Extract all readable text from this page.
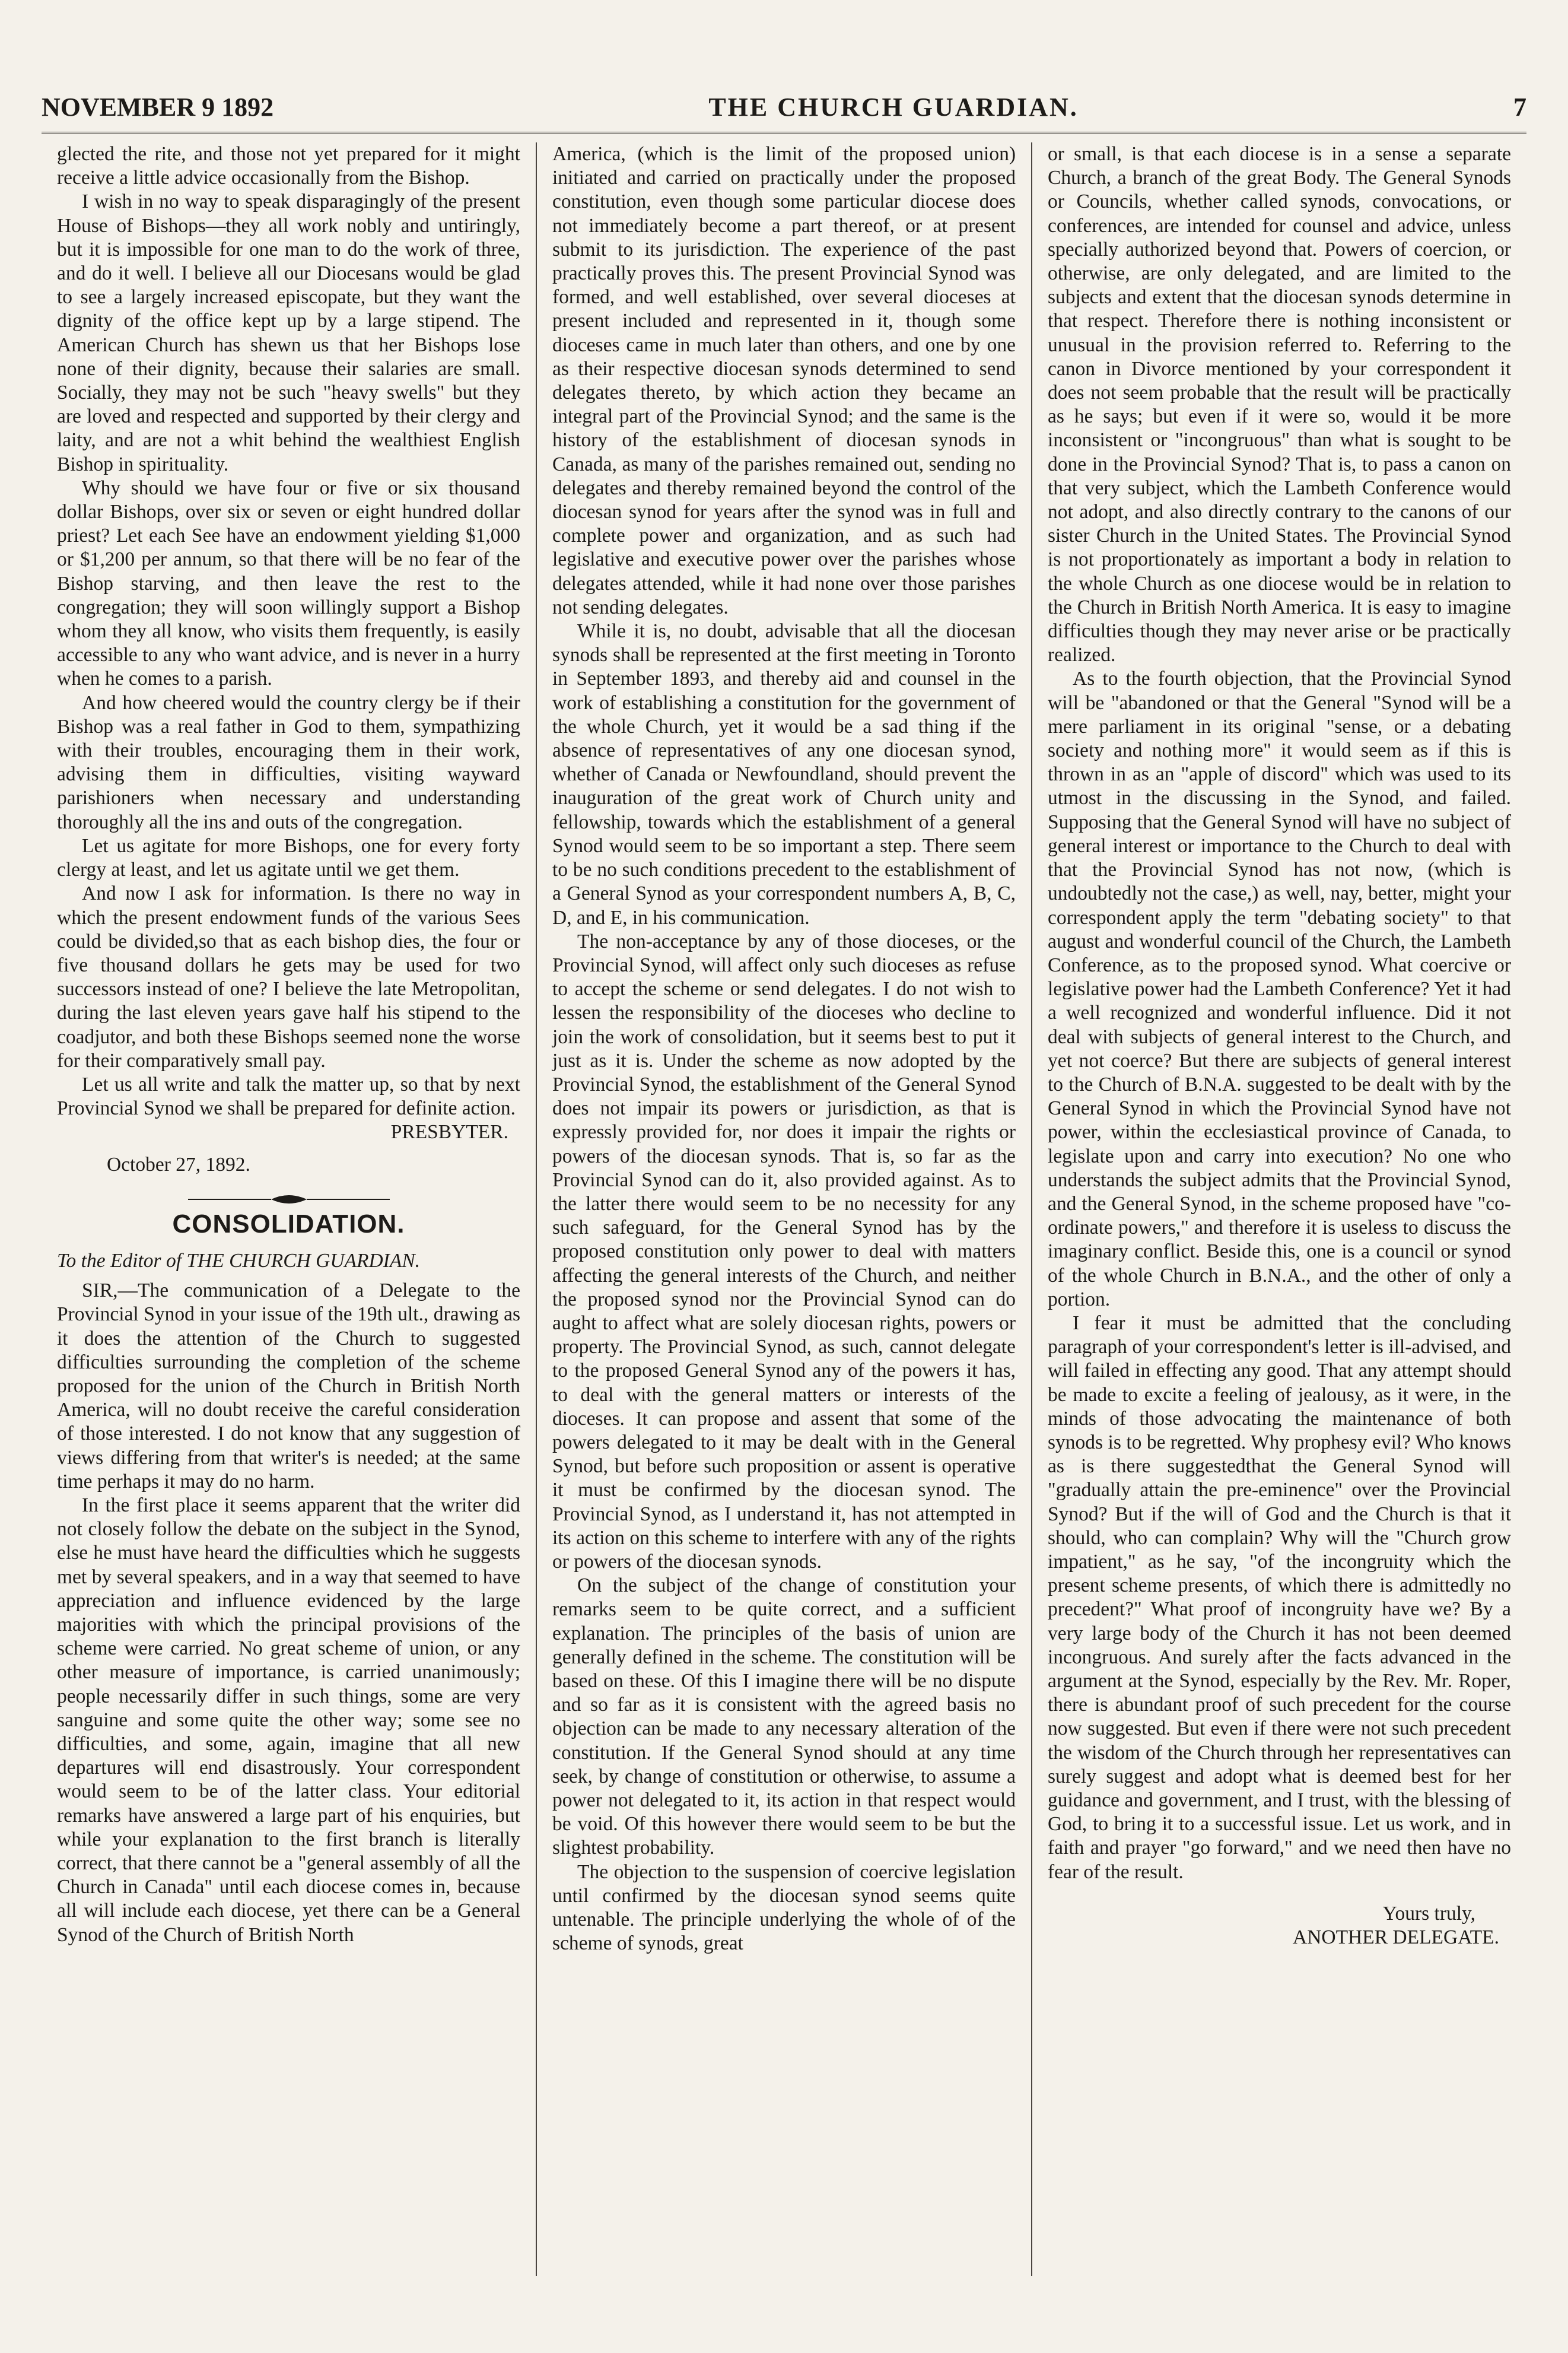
NOVEMBER 9 1892	THE CHURCH GUARDIAN.	7

glected the rite, and those not yet prepared for it might receive a little advice occasionally from the Bishop.

I wish in no way to speak disparagingly of the present House of Bishops—they all work nobly and untiringly, but it is impossible for one man to do the work of three, and do it well. I believe all our Diocesans would be glad to see a largely increased episcopate, but they want the dignity of the office kept up by a large stipend. The American Church has shewn us that her Bishops lose none of their dignity, because their salaries are small. Socially, they may not be such "heavy swells" but they are loved and respected and supported by their clergy and laity, and are not a whit behind the wealthiest English Bishop in spirituality.

Why should we have four or five or six thousand dollar Bishops, over six or seven or eight hundred dollar priest? Let each See have an endowment yielding $1,000 or $1,200 per annum, so that there will be no fear of the Bishop starving, and then leave the rest to the congregation; they will soon willingly support a Bishop whom they all know, who visits them frequently, is easily accessible to any who want advice, and is never in a hurry when he comes to a parish.

And how cheered would the country clergy be if their Bishop was a real father in God to them, sympathizing with their troubles, encouraging them in their work, advising them in difficulties, visiting wayward parishioners when necessary and understanding thoroughly all the ins and outs of the congregation.

Let us agitate for more Bishops, one for every forty clergy at least, and let us agitate until we get them.

And now I ask for information. Is there no way in which the present endowment funds of the various Sees could be divided,so that as each bishop dies, the four or five thousand dollars he gets may be used for two successors instead of one? I believe the late Metropolitan, during the last eleven years gave half his stipend to the coadjutor, and both these Bishops seemed none the worse for their comparatively small pay.

Let us all write and talk the matter up, so that by next Provincial Synod we shall be prepared for definite action.

PRESBYTER.

October 27, 1892.

CONSOLIDATION.

To the Editor of THE CHURCH GUARDIAN.

SIR,—The communication of a Delegate to the Provincial Synod in your issue of the 19th ult., drawing as it does the attention of the Church to suggested difficulties surrounding the completion of the scheme proposed for the union of the Church in British North America, will no doubt receive the careful consideration of those interested. I do not know that any suggestion of views differing from that writer's is needed; at the same time perhaps it may do no harm.

In the first place it seems apparent that the writer did not closely follow the debate on the subject in the Synod, else he must have heard the difficulties which he suggests met by several speakers, and in a way that seemed to have appreciation and influence evidenced by the large majorities with which the principal provisions of the scheme were carried. No great scheme of union, or any other measure of importance, is carried unanimously; people necessarily differ in such things, some are very sanguine and some quite the other way; some see no difficulties, and some, again, imagine that all new departures will end disastrously. Your correspondent would seem to be of the latter class. Your editorial remarks have answered a large part of his enquiries, but while your explanation to the first branch is literally correct, that there cannot be a "general assembly of all the Church in Canada" until each diocese comes in, because all will include each diocese, yet there can be a General Synod of the Church of British North

America, (which is the limit of the proposed union) initiated and carried on practically under the proposed constitution, even though some particular diocese does not immediately become a part thereof, or at present submit to its jurisdiction. The experience of the past practically proves this. The present Provincial Synod was formed, and well established, over several dioceses at present included and represented in it, though some dioceses came in much later than others, and one by one as their respective diocesan synods determined to send delegates thereto, by which action they became an integral part of the Provincial Synod; and the same is the history of the establishment of diocesan synods in Canada, as many of the parishes remained out, sending no delegates and thereby remained beyond the control of the diocesan synod for years after the synod was in full and complete power and organization, and as such had legislative and executive power over the parishes whose delegates attended, while it had none over those parishes not sending delegates.

While it is, no doubt, advisable that all the diocesan synods shall be represented at the first meeting in Toronto in September 1893, and thereby aid and counsel in the work of establishing a constitution for the government of the whole Church, yet it would be a sad thing if the absence of representatives of any one diocesan synod, whether of Canada or Newfoundland, should prevent the inauguration of the great work of Church unity and fellowship, towards which the establishment of a general Synod would seem to be so important a step. There seem to be no such conditions precedent to the establishment of a General Synod as your correspondent numbers A, B, C, D, and E, in his communication.

The non-acceptance by any of those dioceses, or the Provincial Synod, will affect only such dioceses as refuse to accept the scheme or send delegates. I do not wish to lessen the responsibility of the dioceses who decline to join the work of consolidation, but it seems best to put it just as it is. Under the scheme as now adopted by the Provincial Synod, the establishment of the General Synod does not impair its powers or jurisdiction, as that is expressly provided for, nor does it impair the rights or powers of the diocesan synods. That is, so far as the Provincial Synod can do it, also provided against. As to the latter there would seem to be no necessity for any such safeguard, for the General Synod has by the proposed constitution only power to deal with matters affecting the general interests of the Church, and neither the proposed synod nor the Provincial Synod can do aught to affect what are solely diocesan rights, powers or property. The Provincial Synod, as such, cannot delegate to the proposed General Synod any of the powers it has, to deal with the general matters or interests of the dioceses. It can propose and assent that some of the powers delegated to it may be dealt with in the General Synod, but before such proposition or assent is operative it must be confirmed by the diocesan synod. The Provincial Synod, as I understand it, has not attempted in its action on this scheme to interfere with any of the rights or powers of the diocesan synods.

On the subject of the change of constitution your remarks seem to be quite correct, and a sufficient explanation. The principles of the basis of union are generally defined in the scheme. The constitution will be based on these. Of this I imagine there will be no dispute and so far as it is consistent with the agreed basis no objection can be made to any necessary alteration of the constitution. If the General Synod should at any time seek, by change of constitution or otherwise, to assume a power not delegated to it, its action in that respect would be void. Of this however there would seem to be but the slightest probability.

The objection to the suspension of coercive legislation until confirmed by the diocesan synod seems quite untenable. The principle underlying the whole of of the scheme of synods, great

or small, is that each diocese is in a sense a separate Church, a branch of the great Body. The General Synods or Councils, whether called synods, convocations, or conferences, are intended for counsel and advice, unless specially authorized beyond that. Powers of coercion, or otherwise, are only delegated, and are limited to the subjects and extent that the diocesan synods determine in that respect. Therefore there is nothing inconsistent or unusual in the provision referred to. Referring to the canon in Divorce mentioned by your correspondent it does not seem probable that the result will be practically as he says; but even if it were so, would it be more inconsistent or "incongruous" than what is sought to be done in the Provincial Synod? That is, to pass a canon on that very subject, which the Lambeth Conference would not adopt, and also directly contrary to the canons of our sister Church in the United States. The Provincial Synod is not proportionately as important a body in relation to the whole Church as one diocese would be in relation to the Church in British North America. It is easy to imagine difficulties though they may never arise or be practically realized.

As to the fourth objection, that the Provincial Synod will be "abandoned or that the General "Synod will be a mere parliament in its original "sense, or a debating society and nothing more" it would seem as if this is thrown in as an "apple of discord" which was used to its utmost in the discussing in the Synod, and failed. Supposing that the General Synod will have no subject of general interest or importance to the Church to deal with that the Provincial Synod has not now, (which is undoubtedly not the case,) as well, nay, better, might your correspondent apply the term "debating society" to that august and wonderful council of the Church, the Lambeth Conference, as to the proposed synod. What coercive or legislative power had the Lambeth Conference? Yet it had a well recognized and wonderful influence. Did it not deal with subjects of general interest to the Church, and yet not coerce? But there are subjects of general interest to the Church of B.N.A. suggested to be dealt with by the General Synod in which the Provincial Synod have not power, within the ecclesiastical province of Canada, to legislate upon and carry into execution? No one who understands the subject admits that the Provincial Synod, and the General Synod, in the scheme proposed have "co-ordinate powers," and therefore it is useless to discuss the imaginary conflict. Beside this, one is a council or synod of the whole Church in B.N.A., and the other of only a portion.

I fear it must be admitted that the concluding paragraph of your correspondent's letter is ill-advised, and will failed in effecting any good. That any attempt should be made to excite a feeling of jealousy, as it were, in the minds of those advocating the maintenance of both synods is to be regretted. Why prophesy evil? Who knows as is there suggestedthat the General Synod will "gradually attain the pre-eminence" over the Provincial Synod? But if the will of God and the Church is that it should, who can complain? Why will the "Church grow impatient," as he say, "of the incongruity which the present scheme presents, of which there is admittedly no precedent?" What proof of incongruity have we? By a very large body of the Church it has not been deemed incongruous. And surely after the facts advanced in the argument at the Synod, especially by the Rev. Mr. Roper, there is abundant proof of such precedent for the course now suggested. But even if there were not such precedent the wisdom of the Church through her representatives can surely suggest and adopt what is deemed best for her guidance and government, and I trust, with the blessing of God, to bring it to a successful issue. Let us work, and in faith and prayer "go forward," and we need then have no fear of the result.

Yours truly,

ANOTHER DELEGATE.
